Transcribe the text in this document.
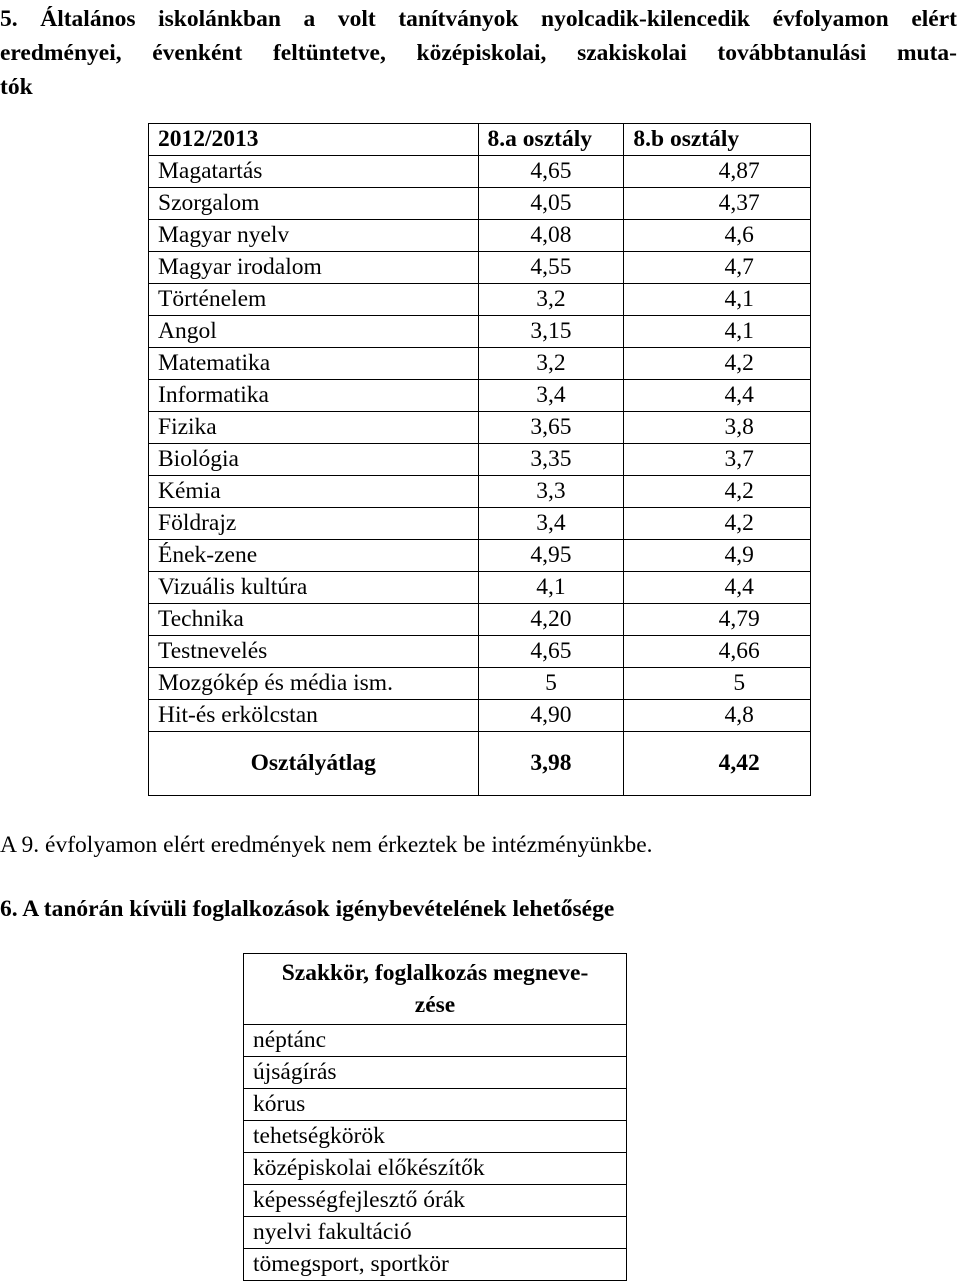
5. Általános iskolánkban a volt tanítványok nyolcadik-kilencedik évfolyamon elért
eredményei, évenként feltüntetve, középiskolai, szakiskolai továbbtanulási muta-
tók
2012/2013	8.a osztály	8.b osztály
Magatartás	4,65	4,87
Szorgalom	4,05	4,37
Magyar nyelv	4,08	4,6
Magyar irodalom	4,55	4,7
Történelem	3,2	4,1
Angol	3,15	4,1
Matematika	3,2	4,2
Informatika	3,4	4,4
Fizika	3,65	3,8
Biológia	3,35	3,7
Kémia	3,3	4,2
Földrajz	3,4	4,2
Ének-zene	4,95	4,9
Vizuális kultúra	4,1	4,4
Technika	4,20	4,79
Testnevelés	4,65	4,66
Mozgókép és média ism.	5	5
Hit-és erkölcstan	4,90	4,8
Osztályátlag	3,98	4,42

A 9. évfolyamon elért eredmények nem érkeztek be intézményünkbe.

6. A tanórán kívüli foglalkozások igénybevételének lehetősége
Szakkör, foglalkozás megneve-
zése

néptánc
újságírás
kórus
tehetségkörök
középiskolai előkészítők
képességfejlesztő órák
nyelvi fakultáció
tömegsport, sportkör
